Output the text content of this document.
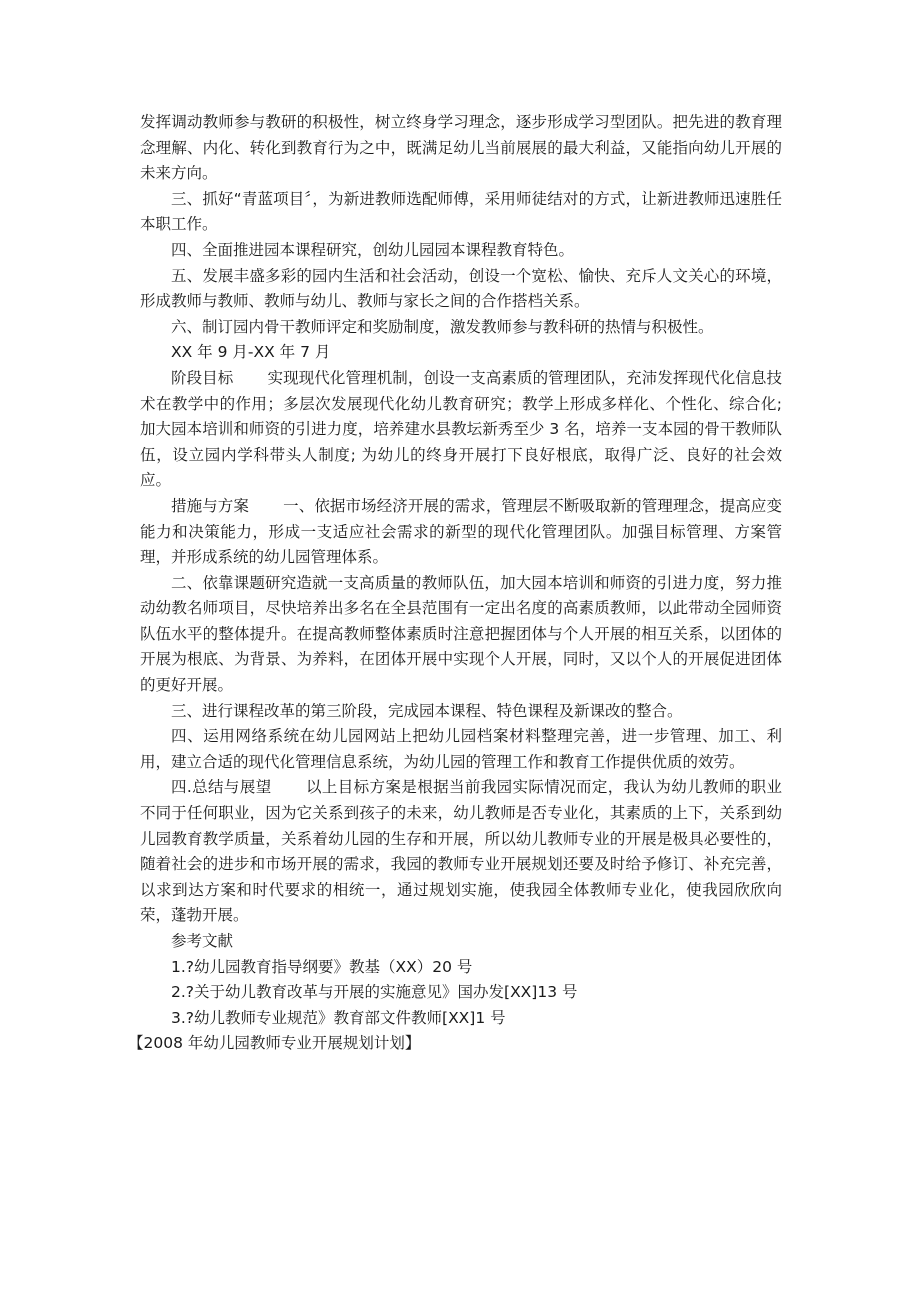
发挥调动教师参与教研的积极性，树立终身学习理念，逐步形成学习型团队。把先进的教育理念理解、内化、转化到教育行为之中，既满足幼儿当前展展的最大利益，又能指向幼儿开展的未来方向。

三、抓好“青蓝项目〞，为新进教师选配师傅，采用师徒结对的方式，让新进教师迅速胜任本职工作。

四、全面推进园本课程研究，创幼儿园园本课程教育特色。

五、发展丰盛多彩的园内生活和社会活动，创设一个宽松、愉快、充斥人文关心的环境，形成教师与教师、教师与幼儿、教师与家长之间的合作搭档关系。

六、制订园内骨干教师评定和奖励制度，激发教师参与教科研的热情与积极性。

XX 年 9 月-XX 年 7 月

阶段目标 实现现代化管理机制，创设一支高素质的管理团队，充沛发挥现代化信息技术在教学中的作用；多层次发展现代化幼儿教育研究；教学上形成多样化、个性化、综合化; 加大园本培训和师资的引进力度，培养建水县教坛新秀至少 3 名，培养一支本园的骨干教师队伍，设立园内学科带头人制度; 为幼儿的终身开展打下良好根底，取得广泛、良好的社会效应。

措施与方案 一、依据市场经济开展的需求，管理层不断吸取新的管理理念，提高应变能力和决策能力，形成一支适应社会需求的新型的现代化管理团队。加强目标管理、方案管理，并形成系统的幼儿园管理体系。

二、依靠课题研究造就一支高质量的教师队伍，加大园本培训和师资的引进力度，努力推动幼教名师项目，尽快培养出多名在全县范围有一定出名度的高素质教师，以此带动全园师资队伍水平的整体提升。在提高教师整体素质时注意把握团体与个人开展的相互关系，以团体的开展为根底、为背景、为养料，在团体开展中实现个人开展，同时，又以个人的开展促进团体的更好开展。

三、进行课程改革的第三阶段，完成园本课程、特色课程及新课改的整合。

四、运用网络系统在幼儿园网站上把幼儿园档案材料整理完善，进一步管理、加工、利用，建立合适的现代化管理信息系统，为幼儿园的管理工作和教育工作提供优质的效劳。

四.总结与展望 以上目标方案是根据当前我园实际情况而定，我认为幼儿教师的职业不同于任何职业，因为它关系到孩子的未来，幼儿教师是否专业化，其素质的上下，关系到幼儿园教育教学质量，关系着幼儿园的生存和开展，所以幼儿教师专业的开展是极具必要性的，随着社会的进步和市场开展的需求，我园的教师专业开展规划还要及时给予修订、补充完善，以求到达方案和时代要求的相统一，通过规划实施，使我园全体教师专业化，使我园欣欣向荣，蓬勃开展。

参考文献

1.?幼儿园教育指导纲要》教基（XX）20 号

2.?关于幼儿教育改革与开展的实施意见》国办发[XX]13 号

3.?幼儿教师专业规范》教育部文件教师[XX]1 号

【2008 年幼儿园教师专业开展规划计划】
